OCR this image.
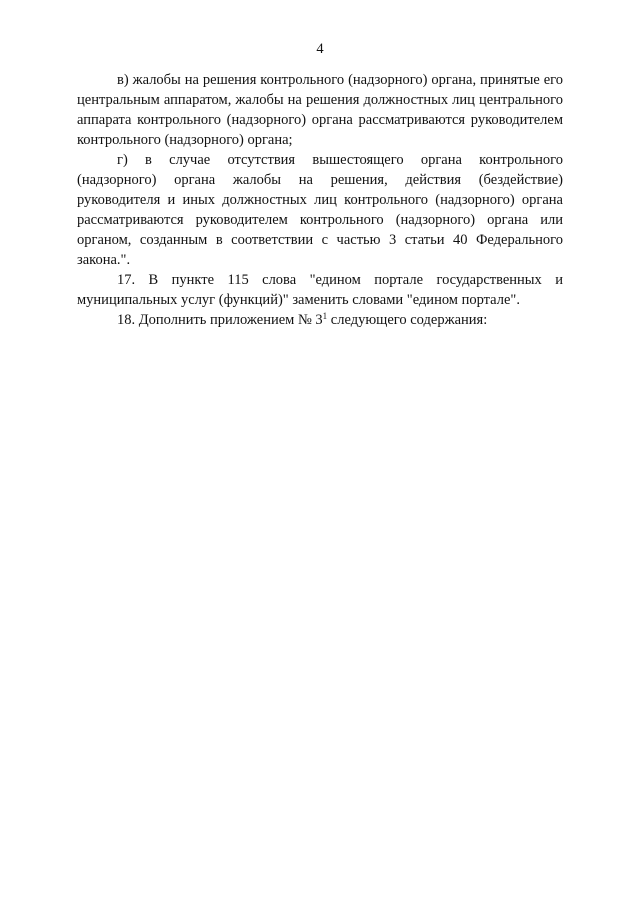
4

в) жалобы на решения контрольного (надзорного) органа, принятые его центральным аппаратом, жалобы на решения должностных лиц центрального аппарата контрольного (надзорного) органа рассматриваются руководителем контрольного (надзорного) органа;

г) в случае отсутствия вышестоящего органа контрольного (надзорного) органа жалобы на решения, действия (бездействие) руководителя и иных должностных лиц контрольного (надзорного) органа рассматриваются руководителем контрольного (надзорного) органа или органом, созданным в соответствии с частью 3 статьи 40 Федерального закона.".

17. В пункте 115 слова "едином портале государственных и муниципальных услуг (функций)" заменить словами "едином портале".

18. Дополнить приложением № $3^1$ следующего содержания:
